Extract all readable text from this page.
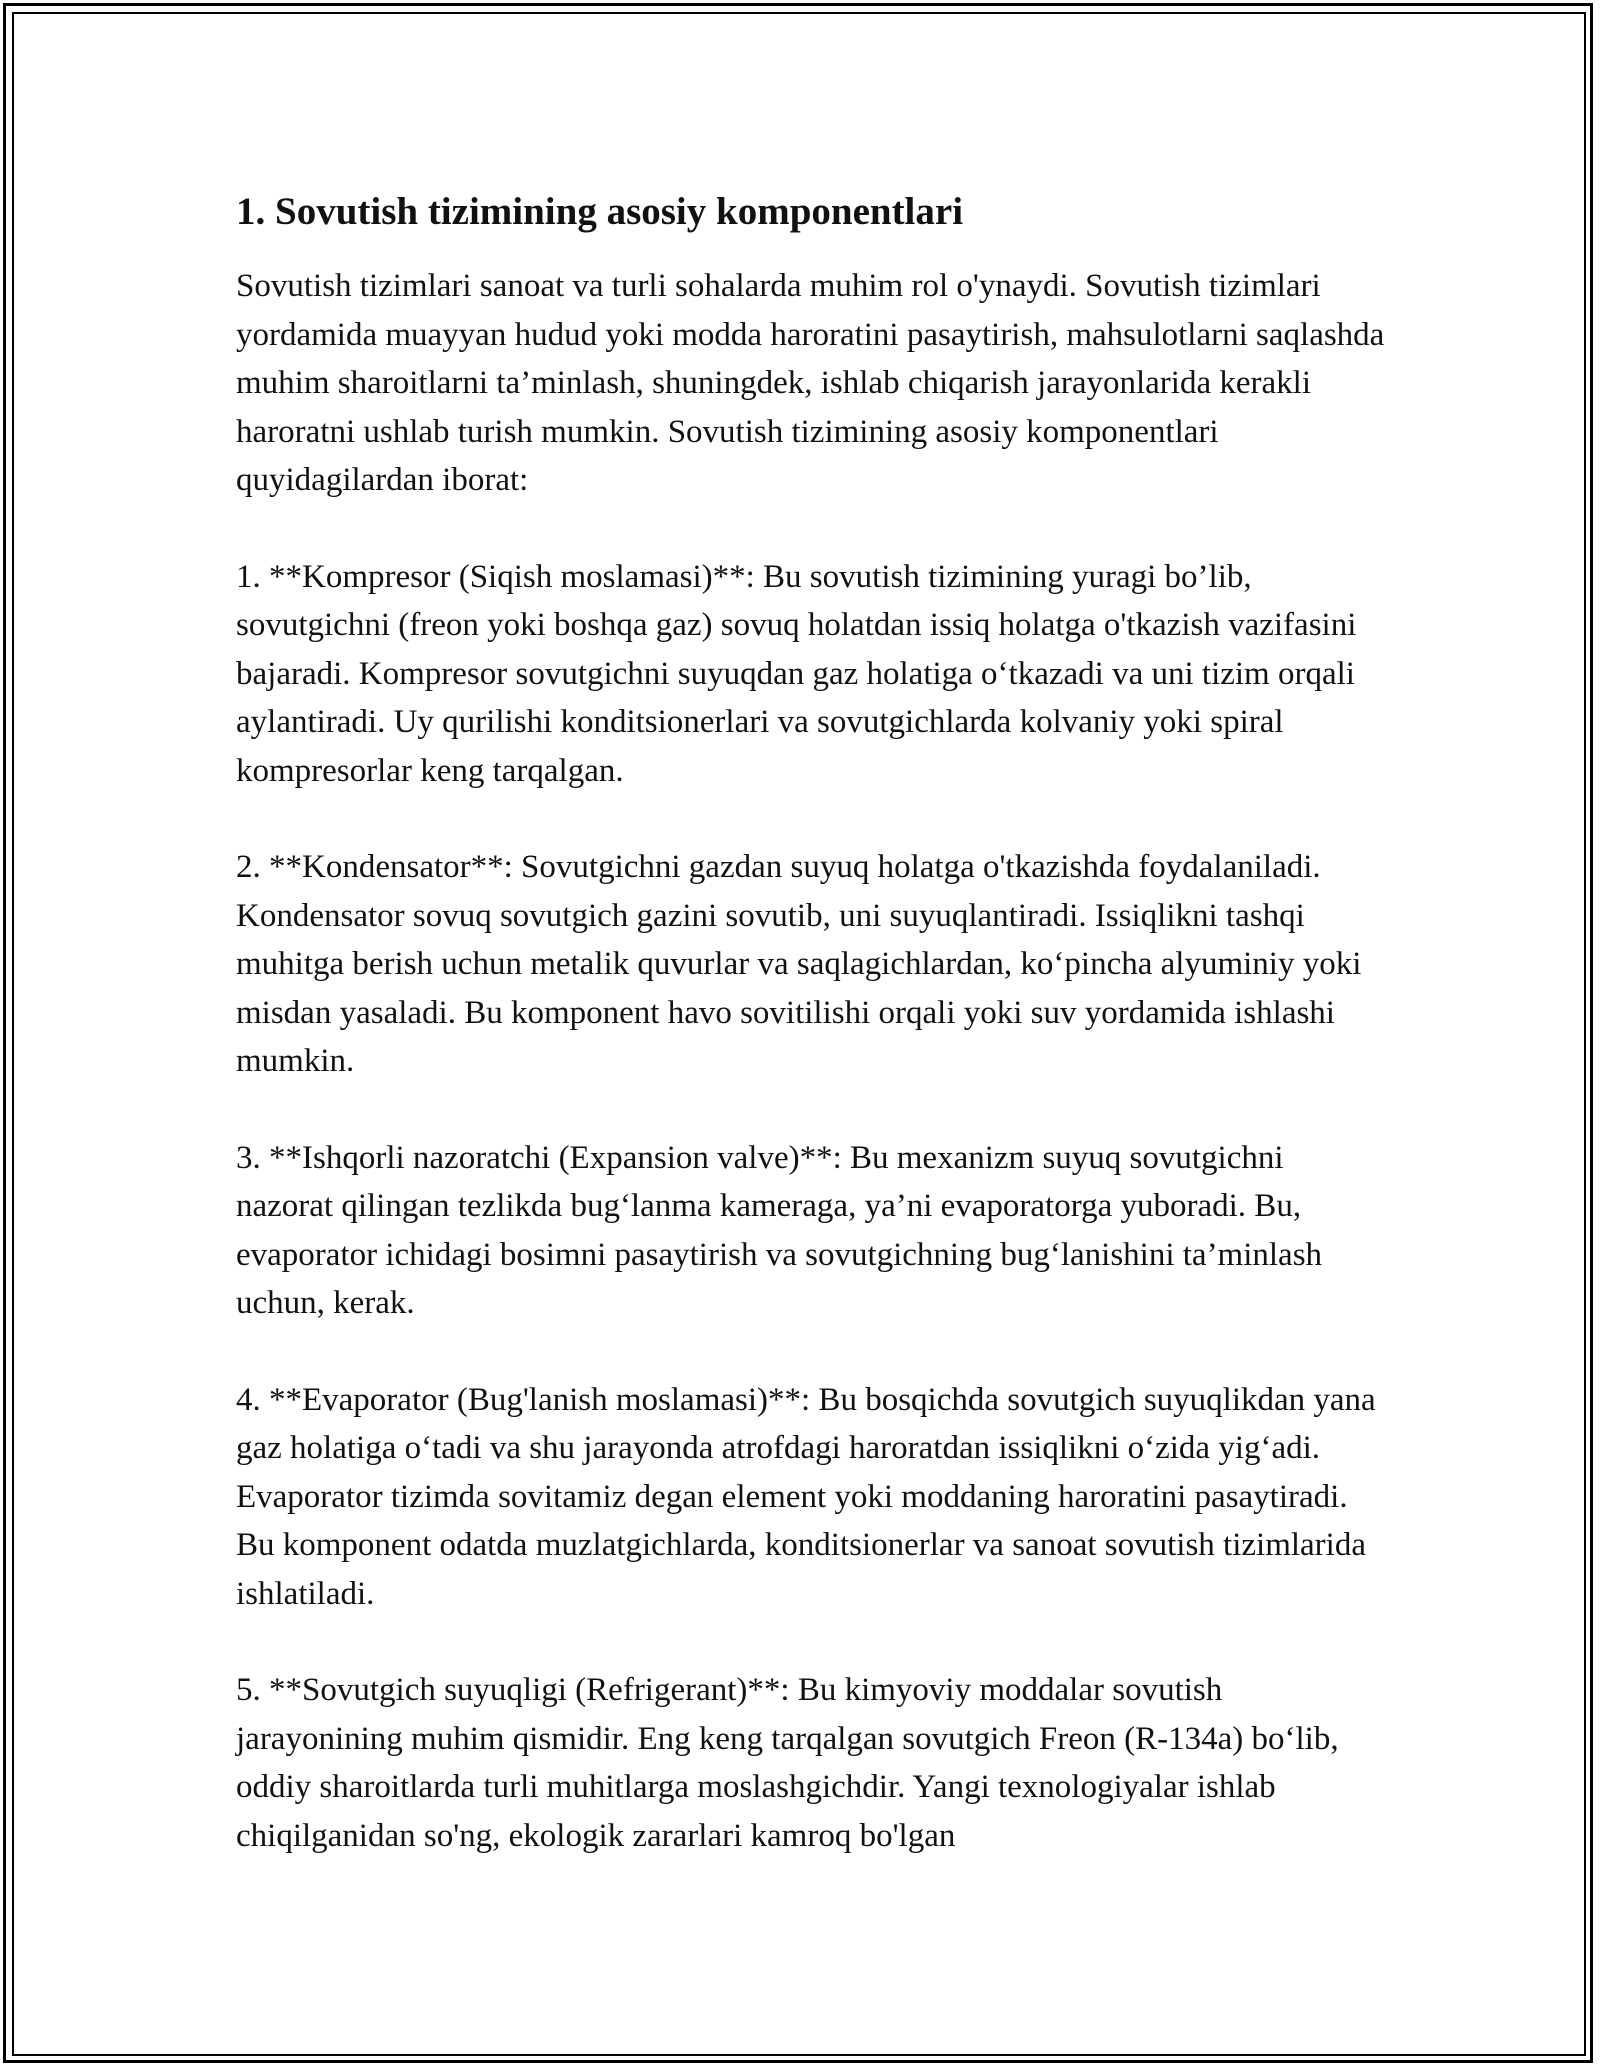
1. Sovutish tizimining asosiy komponentlari

Sovutish tizimlari sanoat va turli sohalarda muhim rol o'ynaydi. Sovutish tizimlari yordamida muayyan hudud yoki modda haroratini pasaytirish, mahsulotlarni saqlashda muhim sharoitlarni ta’minlash, shuningdek, ishlab chiqarish jarayonlarida kerakli haroratni ushlab turish mumkin. Sovutish tizimining asosiy komponentlari quyidagilardan iborat:

1. **Kompresor (Siqish moslamasi)**: Bu sovutish tizimining yuragi bo’lib, sovutgichni (freon yoki boshqa gaz) sovuq holatdan issiq holatga o'tkazish vazifasini bajaradi. Kompresor sovutgichni suyuqdan gaz holatiga o‘tkazadi va uni tizim orqali aylantiradi. Uy qurilishi konditsionerlari va sovutgichlarda kolvaniy yoki spiral kompresorlar keng tarqalgan.

2. **Kondensator**: Sovutgichni gazdan suyuq holatga o'tkazishda foydalaniladi. Kondensator sovuq sovutgich gazini sovutib, uni suyuqlantiradi. Issiqlikni tashqi muhitga berish uchun metalik quvurlar va saqlagichlardan, ko‘pincha alyuminiy yoki misdan yasaladi. Bu komponent havo sovitilishi orqali yoki suv yordamida ishlashi mumkin.

3. **Ishqorli nazoratchi (Expansion valve)**: Bu mexanizm suyuq sovutgichni nazorat qilingan tezlikda bug‘lanma kameraga, ya’ni evaporatorga yuboradi. Bu, evaporator ichidagi bosimni pasaytirish va sovutgichning bug‘lanishini ta’minlash uchun, kerak.

4. **Evaporator (Bug'lanish moslamasi)**: Bu bosqichda sovutgich suyuqlikdan yana gaz holatiga o‘tadi va shu jarayonda atrofdagi haroratdan issiqlikni o‘zida yig‘adi. Evaporator tizimda sovitamiz degan element yoki moddaning haroratini pasaytiradi. Bu komponent odatda muzlatgichlarda, konditsionerlar va sanoat sovutish tizimlarida ishlatiladi.

5. **Sovutgich suyuqligi (Refrigerant)**: Bu kimyoviy moddalar sovutish jarayonining muhim qismidir. Eng keng tarqalgan sovutgich Freon (R-134a) bo‘lib, oddiy sharoitlarda turli muhitlarga moslashgichdir. Yangi texnologiyalar ishlab chiqilganidan so'ng, ekologik zararlari kamroq bo'lgan
